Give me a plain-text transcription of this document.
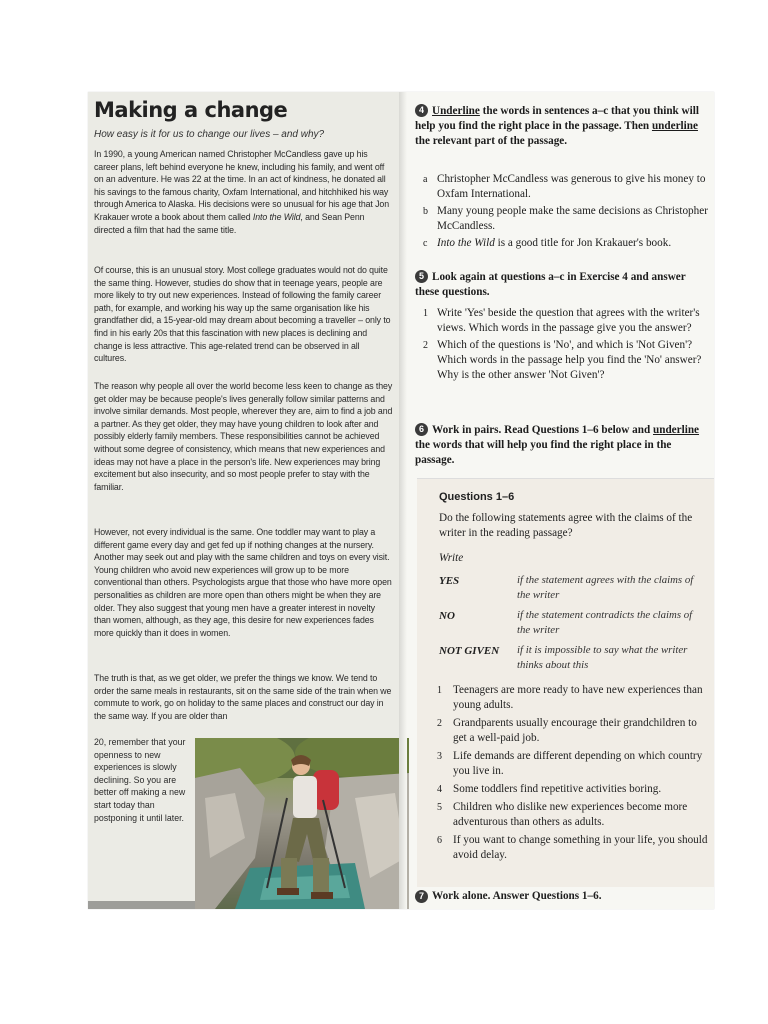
Making a change

How easy is it for us to change our lives – and why?

In 1990, a young American named Christopher McCandless gave up his career plans, left behind everyone he knew, including his family, and went off on an adventure. He was 22 at the time. In an act of kindness, he donated all his savings to the famous charity, Oxfam International, and hitchhiked his way through America to Alaska. His decisions were so unusual for his age that Jon Krakauer wrote a book about them called Into the Wild, and Sean Penn directed a film that had the same title.

Of course, this is an unusual story. Most college graduates would not do quite the same thing. However, studies do show that in teenage years, people are more likely to try out new experiences. Instead of following the family career path, for example, and working his way up the same organisation like his grandfather did, a 15-year-old may dream about becoming a traveller – only to find in his early 20s that this fascination with new places is declining and change is less attractive. This age-related trend can be observed in all cultures.

The reason why people all over the world become less keen to change as they get older may be because people's lives generally follow similar patterns and involve similar demands. Most people, wherever they are, aim to find a job and a partner. As they get older, they may have young children to look after and possibly elderly family members. These responsibilities cannot be achieved without some degree of consistency, which means that new experiences and ideas may not have a place in the person's life. New experiences may bring excitement but also insecurity, and so most people prefer to stay with the familiar.

However, not every individual is the same. One toddler may want to play a different game every day and get fed up if nothing changes at the nursery. Another may seek out and play with the same children and toys on every visit. Young children who avoid new experiences will grow up to be more conventional than others. Psychologists argue that those who have more open personalities as children are more open than others might be when they are older. They also suggest that young men have a greater interest in novelty than women, although, as they age, this desire for new experiences fades more quickly than it does in women.

The truth is that, as we get older, we prefer the things we know. We tend to order the same meals in restaurants, sit on the same side of the train when we commute to work, go on holiday to the same places and construct our day in the same way. If you are older than

20, remember that your openness to new experiences is slowly declining. So you are better off making a new start today than postponing it until later.

4 Underline the words in sentences a–c that you think will help you find the right place in the passage. Then underline the relevant part of the passage.

a Christopher McCandless was generous to give his money to Oxfam International.
b Many young people make the same decisions as Christopher McCandless.
c Into the Wild is a good title for Jon Krakauer's book.

5 Look again at questions a–c in Exercise 4 and answer these questions.

1 Write 'Yes' beside the question that agrees with the writer's views. Which words in the passage give you the answer?
2 Which of the questions is 'No', and which is 'Not Given'? Which words in the passage help you find the 'No' answer? Why is the other answer 'Not Given'?

6 Work in pairs. Read Questions 1–6 below and underline the words that will help you find the right place in the passage.

Questions 1–6

Do the following statements agree with the claims of the writer in the reading passage?

Write

YES	if the statement agrees with the claims of the writer

NO	if the statement contradicts the claims of the writer

NOT GIVEN if it is impossible to say what the writer thinks about this

1 Teenagers are more ready to have new experiences than young adults.
2 Grandparents usually encourage their grandchildren to get a well-paid job.
3 Life demands are different depending on which country you live in.
4 Some toddlers find repetitive activities boring.
5 Children who dislike new experiences become more adventurous than others as adults.
6 If you want to change something in your life, you should avoid delay.

7 Work alone. Answer Questions 1–6.
